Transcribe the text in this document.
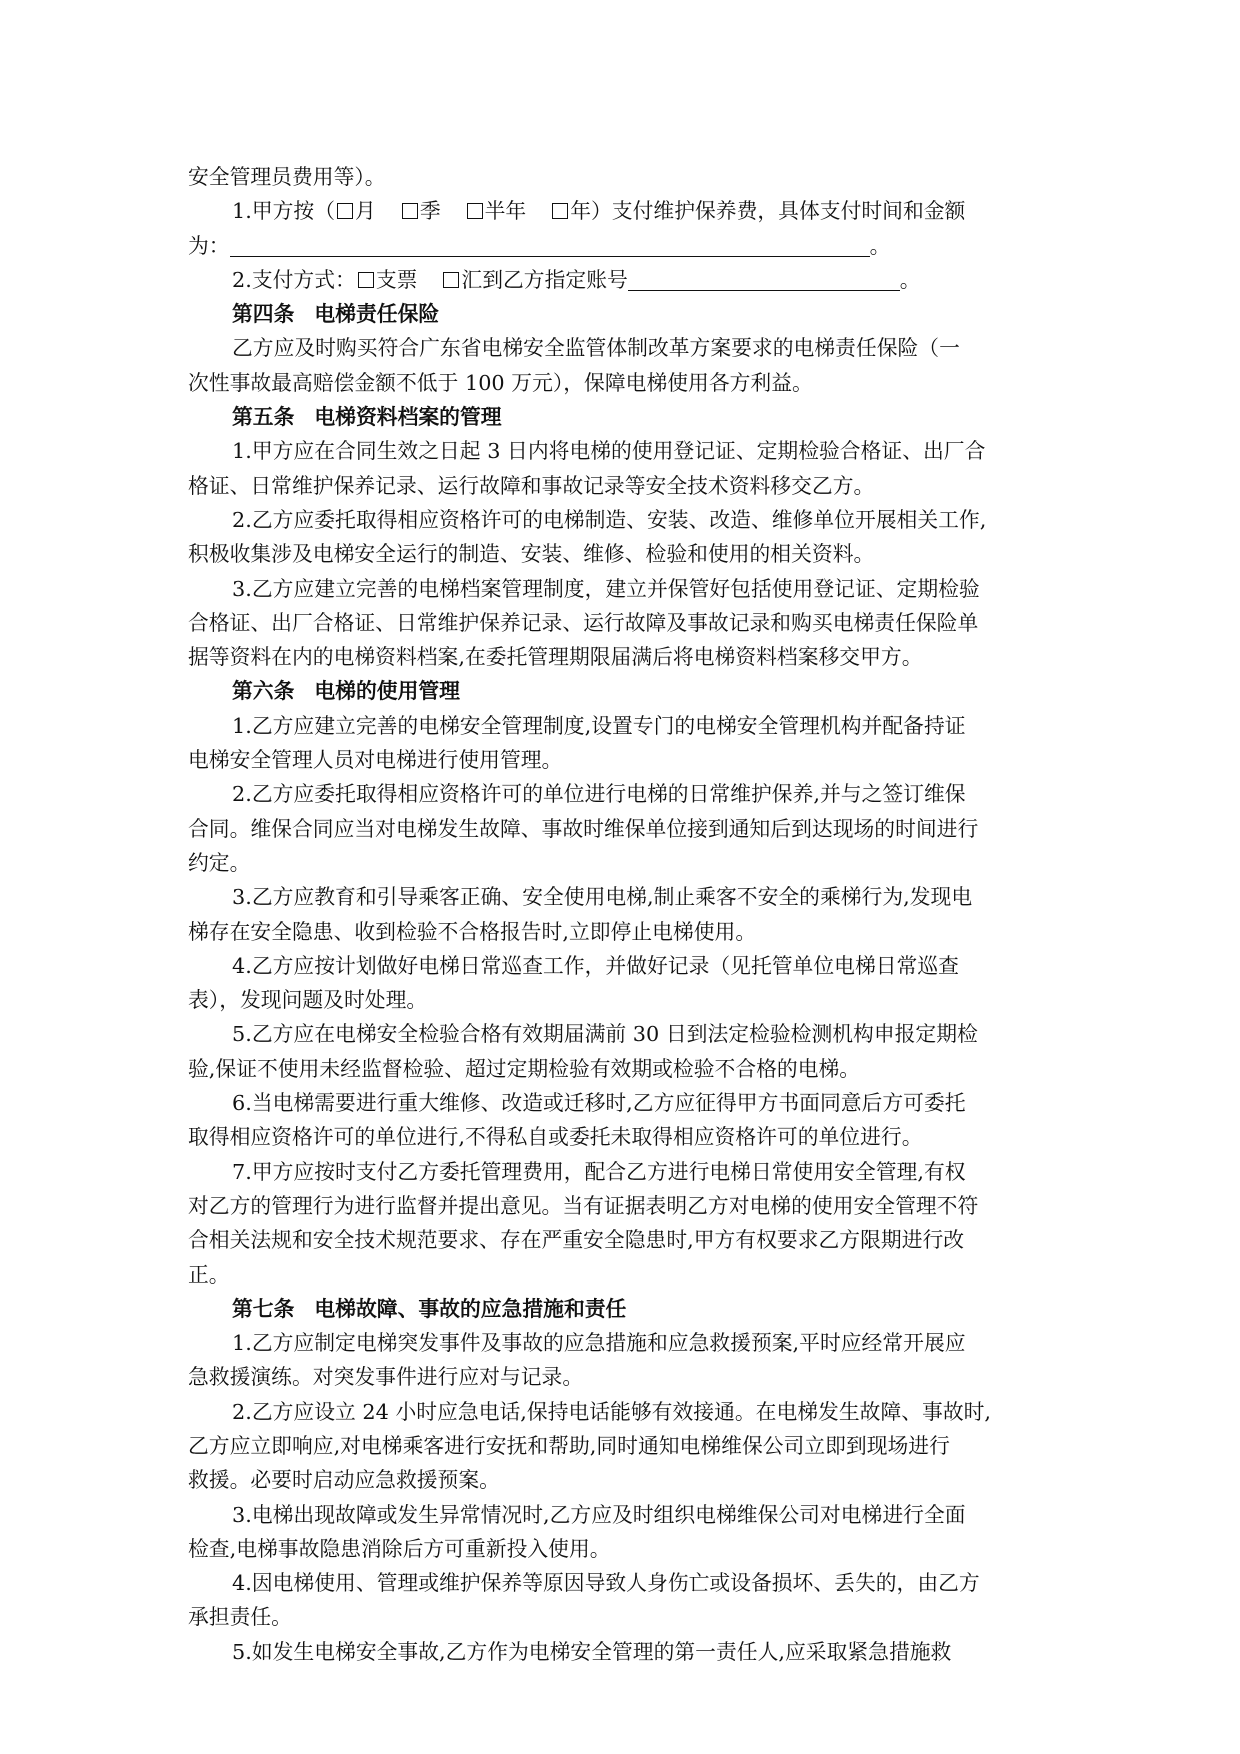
安全管理员费用等）。
1.甲方按（ 月 季 半年 年）支付维护保养费，具体支付时间和金额
为：	。
2.支付方式： 支票 汇到乙方指定账号	。
第四条 电梯责任保险
乙方应及时购买符合广东省电梯安全监管体制改革方案要求的电梯责任保险（一
次性事故最高赔偿金额不低于 100 万元），保障电梯使用各方利益。
第五条 电梯资料档案的管理
1.甲方应在合同生效之日起 3 日内将电梯的使用登记证、定期检验合格证、出厂合
格证、日常维护保养记录、运行故障和事故记录等安全技术资料移交乙方。
2.乙方应委托取得相应资格许可的电梯制造、安装、改造、维修单位开展相关工作,
积极收集涉及电梯安全运行的制造、安装、维修、检验和使用的相关资料。
3.乙方应建立完善的电梯档案管理制度，建立并保管好包括使用登记证、定期检验
合格证、出厂合格证、日常维护保养记录、运行故障及事故记录和购买电梯责任保险单
据等资料在内的电梯资料档案,在委托管理期限届满后将电梯资料档案移交甲方。
第六条 电梯的使用管理
1.乙方应建立完善的电梯安全管理制度,设置专门的电梯安全管理机构并配备持证
电梯安全管理人员对电梯进行使用管理。
2.乙方应委托取得相应资格许可的单位进行电梯的日常维护保养,并与之签订维保
合同。维保合同应当对电梯发生故障、事故时维保单位接到通知后到达现场的时间进行
约定。
3.乙方应教育和引导乘客正确、安全使用电梯,制止乘客不安全的乘梯行为,发现电
梯存在安全隐患、收到检验不合格报告时,立即停止电梯使用。
4.乙方应按计划做好电梯日常巡查工作，并做好记录（见托管单位电梯日常巡查
表），发现问题及时处理。
5.乙方应在电梯安全检验合格有效期届满前 30 日到法定检验检测机构申报定期检
验,保证不使用未经监督检验、超过定期检验有效期或检验不合格的电梯。
6.当电梯需要进行重大维修、改造或迁移时,乙方应征得甲方书面同意后方可委托
取得相应资格许可的单位进行,不得私自或委托未取得相应资格许可的单位进行。
7.甲方应按时支付乙方委托管理费用，配合乙方进行电梯日常使用安全管理,有权
对乙方的管理行为进行监督并提出意见。当有证据表明乙方对电梯的使用安全管理不符
合相关法规和安全技术规范要求、存在严重安全隐患时,甲方有权要求乙方限期进行改
正。
第七条 电梯故障、事故的应急措施和责任
1.乙方应制定电梯突发事件及事故的应急措施和应急救援预案,平时应经常开展应
急救援演练。对突发事件进行应对与记录。
2.乙方应设立 24 小时应急电话,保持电话能够有效接通。在电梯发生故障、事故时,
乙方应立即响应,对电梯乘客进行安抚和帮助,同时通知电梯维保公司立即到现场进行
救援。必要时启动应急救援预案。
3.电梯出现故障或发生异常情况时,乙方应及时组织电梯维保公司对电梯进行全面
检查,电梯事故隐患消除后方可重新投入使用。
4.因电梯使用、管理或维护保养等原因导致人身伤亡或设备损坏、丢失的，由乙方
承担责任。
5.如发生电梯安全事故,乙方作为电梯安全管理的第一责任人,应采取紧急措施救
